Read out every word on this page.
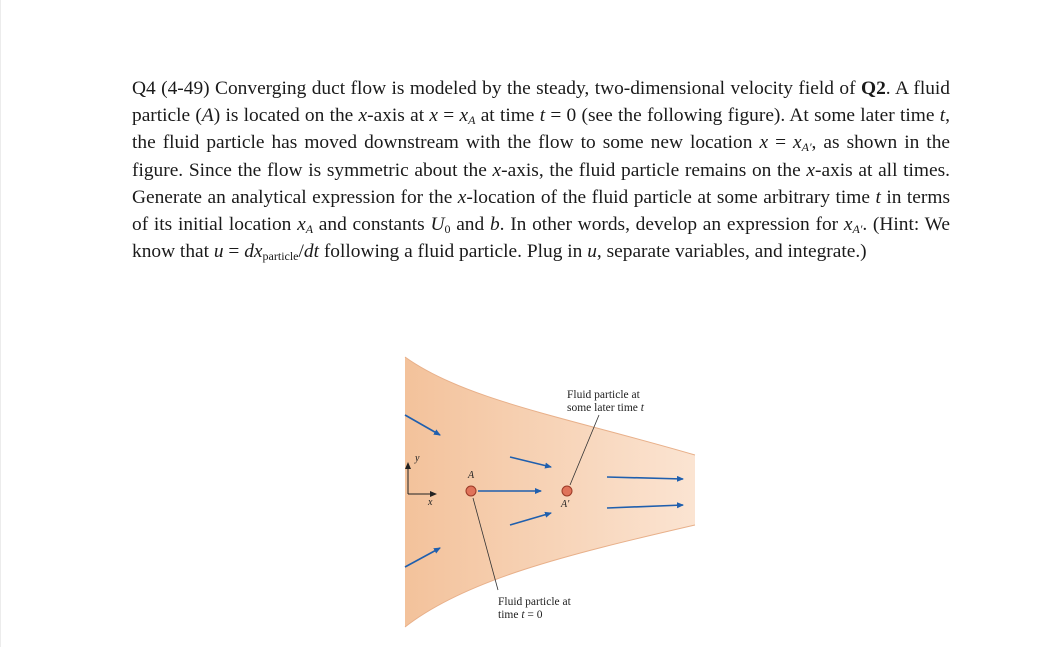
Q4 (4-49) Converging duct flow is modeled by the steady, two-dimensional velocity field of Q2. A fluid particle (A) is located on the x-axis at $x = x_A$ at time t = 0 (see the following figure). At some later time t, the fluid particle has moved downstream with the flow to some new location $x = x_{A'}$, as shown in the figure. Since the flow is symmetric about the x-axis, the fluid particle remains on the x-axis at all times. Generate an analytical expression for the x-location of the fluid particle at some arbitrary time t in terms of its initial location $x_A$ and constants $U_0$ and b. In other words, develop an expression for $x_{A'}$. (Hint: We know that $u = dx_{particle}/dt$ following a fluid particle. Plug in u, separate variables, and integrate.)
Fluid particle at
some later time t
Fluid particle at
time t = 0
A
A'
y
x
